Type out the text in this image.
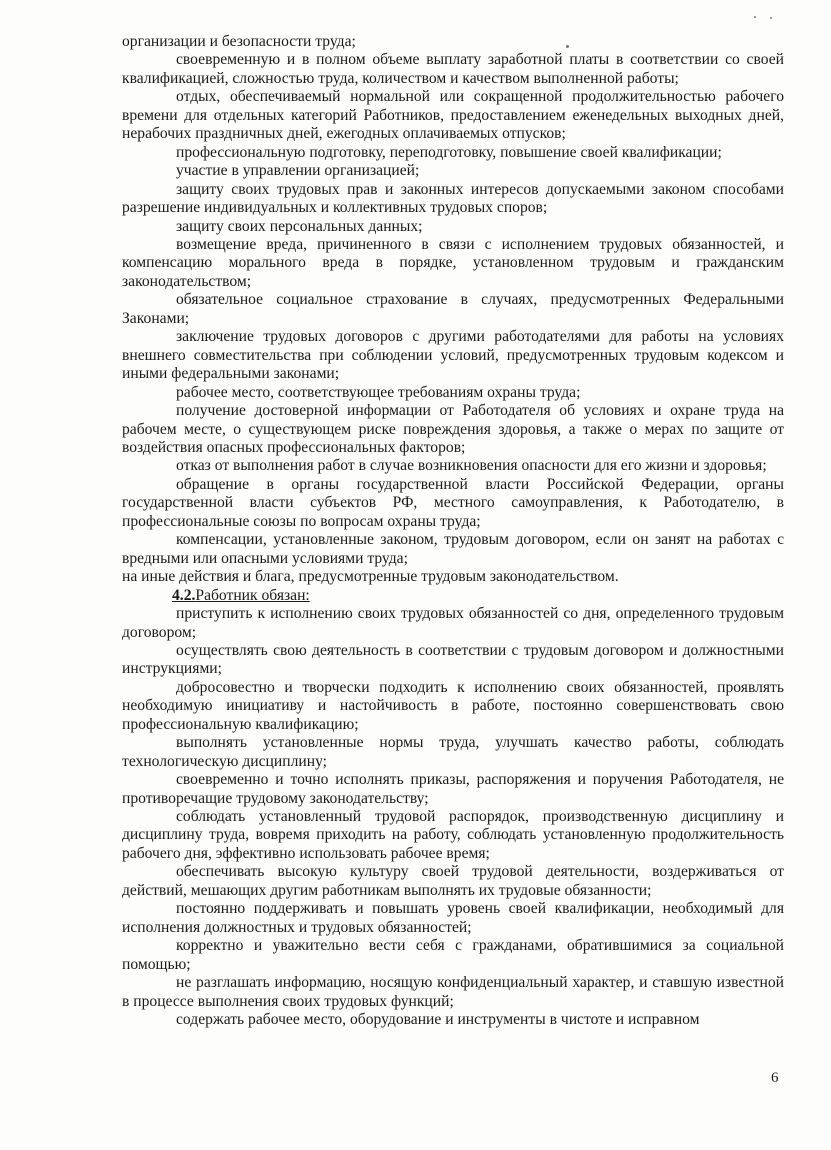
организации и безопасности труда;

своевременную и в полном объеме выплату заработной платы в соответствии со своей квалификацией, сложностью труда, количеством и качеством выполненной работы;

отдых, обеспечиваемый нормальной или сокращенной продолжительностью рабочего времени для отдельных категорий Работников, предоставлением еженедельных выходных дней, нерабочих праздничных дней, ежегодных оплачиваемых отпусков;

профессиональную подготовку, переподготовку, повышение своей квалификации;

участие в управлении организацией;

защиту своих трудовых прав и законных интересов допускаемыми законом способами разрешение индивидуальных и коллективных трудовых споров;

защиту своих персональных данных;

возмещение вреда, причиненного в связи с исполнением трудовых обязанностей, и компенсацию морального вреда в порядке, установленном трудовым и гражданским законодательством;

обязательное социальное страхование в случаях, предусмотренных Федеральными Законами;

заключение трудовых договоров с другими работодателями для работы на условиях внешнего совместительства при соблюдении условий, предусмотренных трудовым кодексом и иными федеральными законами;

рабочее место, соответствующее требованиям охраны труда;

получение достоверной информации от Работодателя об условиях и охране труда на рабочем месте, о существующем риске повреждения здоровья, а также о мерах по защите от воздействия опасных профессиональных факторов;

отказ от выполнения работ в случае возникновения опасности для его жизни и здоровья;

обращение в органы государственной власти Российской Федерации, органы государственной власти субъектов РФ, местного самоуправления, к Работодателю, в профессиональные союзы по вопросам охраны труда;

компенсации, установленные законом, трудовым договором, если он занят на работах с вредными или опасными условиями труда;

на иные действия и блага, предусмотренные трудовым законодательством.

4.2.Работник обязан:

приступить к исполнению своих трудовых обязанностей со дня, определенного трудовым договором;

осуществлять свою деятельность в соответствии с трудовым договором и должностными инструкциями;

добросовестно и творчески подходить к исполнению своих обязанностей, проявлять необходимую инициативу и настойчивость в работе, постоянно совершенствовать свою профессиональную квалификацию;

выполнять установленные нормы труда, улучшать качество работы, соблюдать технологическую дисциплину;

своевременно и точно исполнять приказы, распоряжения и поручения Работодателя, не противоречащие трудовому законодательству;

соблюдать установленный трудовой распорядок, производственную дисциплину и дисциплину труда, вовремя приходить на работу, соблюдать установленную продолжительность рабочего дня, эффективно использовать рабочее время;

обеспечивать высокую культуру своей трудовой деятельности, воздерживаться от действий, мешающих другим работникам выполнять их трудовые обязанности;

постоянно поддерживать и повышать уровень своей квалификации, необходимый для исполнения должностных и трудовых обязанностей;

корректно и уважительно вести себя с гражданами, обратившимися за социальной помощью;

не разглашать информацию, носящую конфиденциальный характер, и ставшую известной в процессе выполнения своих трудовых функций;

содержать рабочее место, оборудование и инструменты в чистоте и исправном

6
